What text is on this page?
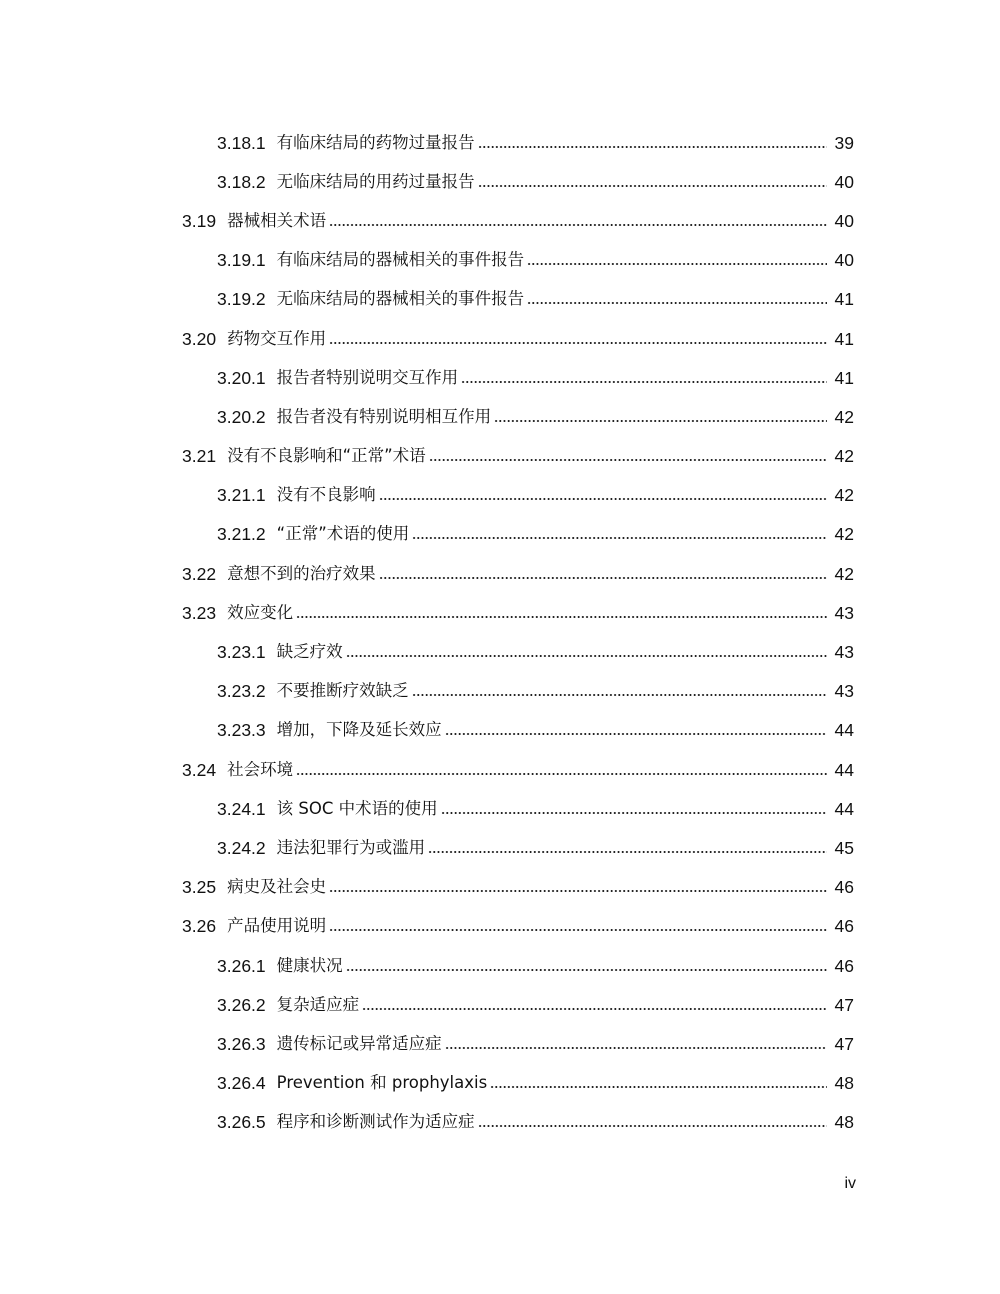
3.18.1 有临床结局的药物过量报告	39
3.18.2 无临床结局的用药过量报告	40
3.19 器械相关术语	40
3.19.1 有临床结局的器械相关的事件报告	40
3.19.2 无临床结局的器械相关的事件报告	41
3.20 药物交互作用	41
3.20.1 报告者特别说明交互作用	41
3.20.2 报告者没有特别说明相互作用	42
3.21 没有不良影响和“正常”术语	42
3.21.1 没有不良影响	42
3.21.2 “正常”术语的使用	42
3.22 意想不到的治疗效果	42
3.23 效应变化	43
3.23.1 缺乏疗效	43
3.23.2 不要推断疗效缺乏	43
3.23.3 增加，下降及延长效应	44
3.24 社会环境	44
3.24.1 该 SOC 中术语的使用	44
3.24.2 违法犯罪行为或滥用	45
3.25 病史及社会史	46
3.26 产品使用说明	46
3.26.1 健康状况	46
3.26.2 复杂适应症	47
3.26.3 遗传标记或异常适应症	47
3.26.4 Prevention 和 prophylaxis	48
3.26.5 程序和诊断测试作为适应症	48
iv
